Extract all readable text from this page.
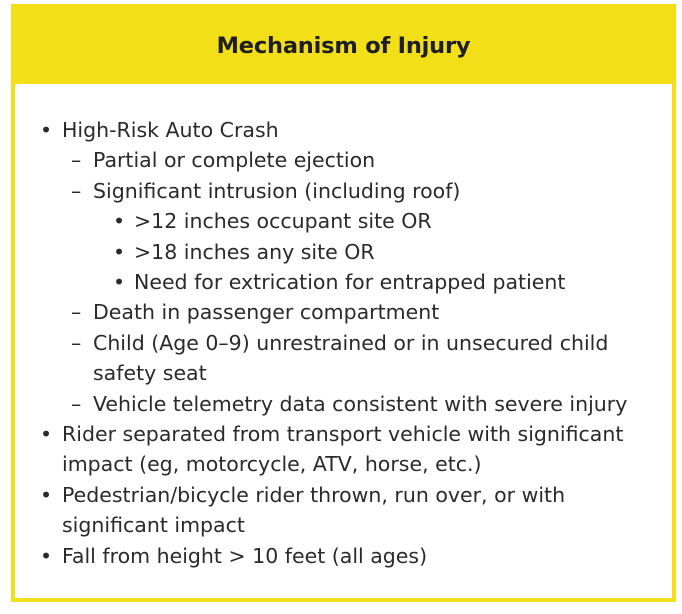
Mechanism of Injury
• High-Risk Auto Crash
– Partial or complete ejection
– Significant intrusion (including roof)
• >12 inches occupant site OR
• >18 inches any site OR
• Need for extrication for entrapped patient
– Death in passenger compartment
– Child (Age 0–9) unrestrained or in unsecured child safety seat
– Vehicle telemetry data consistent with severe injury
• Rider separated from transport vehicle with significant impact (eg, motorcycle, ATV, horse, etc.)
• Pedestrian/bicycle rider thrown, run over, or with significant impact
• Fall from height > 10 feet (all ages)
